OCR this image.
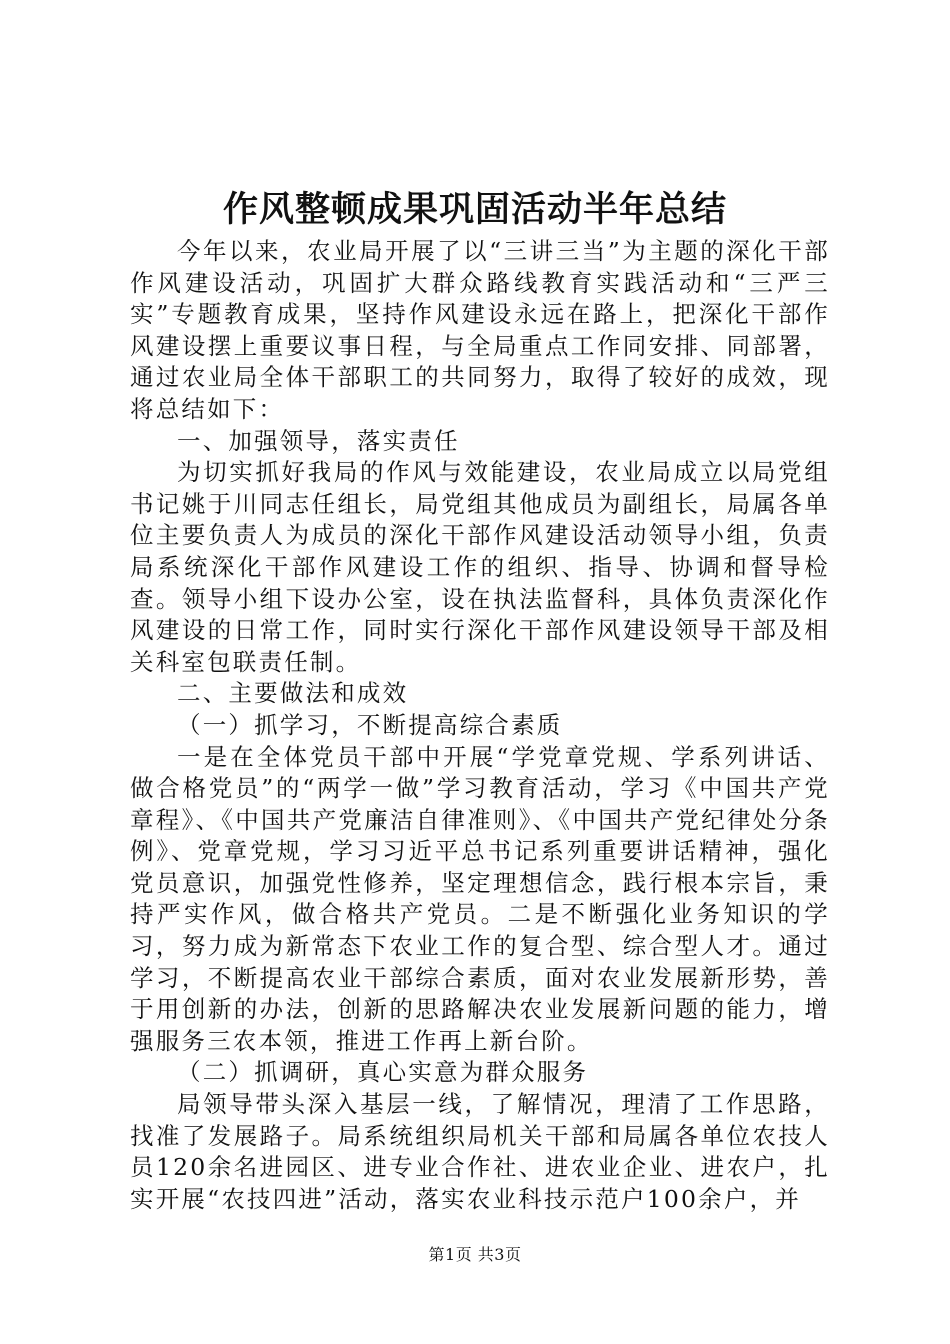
作风整顿成果巩固活动半年总结

今年以来，农业局开展了以“三讲三当”为主题的深化干部作风建设活动，巩固扩大群众路线教育实践活动和“三严三实”专题教育成果，坚持作风建设永远在路上，把深化干部作风建设摆上重要议事日程，与全局重点工作同安排、同部署，通过农业局全体干部职工的共同努力，取得了较好的成效，现将总结如下：

一、加强领导，落实责任

为切实抓好我局的作风与效能建设，农业局成立以局党组书记姚于川同志任组长，局党组其他成员为副组长，局属各单位主要负责人为成员的深化干部作风建设活动领导小组，负责局系统深化干部作风建设工作的组织、指导、协调和督导检查。领导小组下设办公室，设在执法监督科，具体负责深化作风建设的日常工作，同时实行深化干部作风建设领导干部及相关科室包联责任制。

二、主要做法和成效

（一）抓学习，不断提高综合素质

一是在全体党员干部中开展“学党章党规、学系列讲话、做合格党员”的“两学一做”学习教育活动，学习《中国共产党章程》、《中国共产党廉洁自律准则》、《中国共产党纪律处分条例》、党章党规，学习习近平总书记系列重要讲话精神，强化党员意识，加强党性修养，坚定理想信念，践行根本宗旨，秉持严实作风，做合格共产党员。二是不断强化业务知识的学习，努力成为新常态下农业工作的复合型、综合型人才。通过学习，不断提高农业干部综合素质，面对农业发展新形势，善于用创新的办法，创新的思路解决农业发展新问题的能力，增强服务三农本领，推进工作再上新台阶。

（二）抓调研，真心实意为群众服务

局领导带头深入基层一线，了解情况，理清了工作思路，找准了发展路子。局系统组织局机关干部和局属各单位农技人员120余名进园区、进专业合作社、进农业企业、进农户，扎实开展“农技四进”活动，落实农业科技示范户100余户，并

第1页 共3页
